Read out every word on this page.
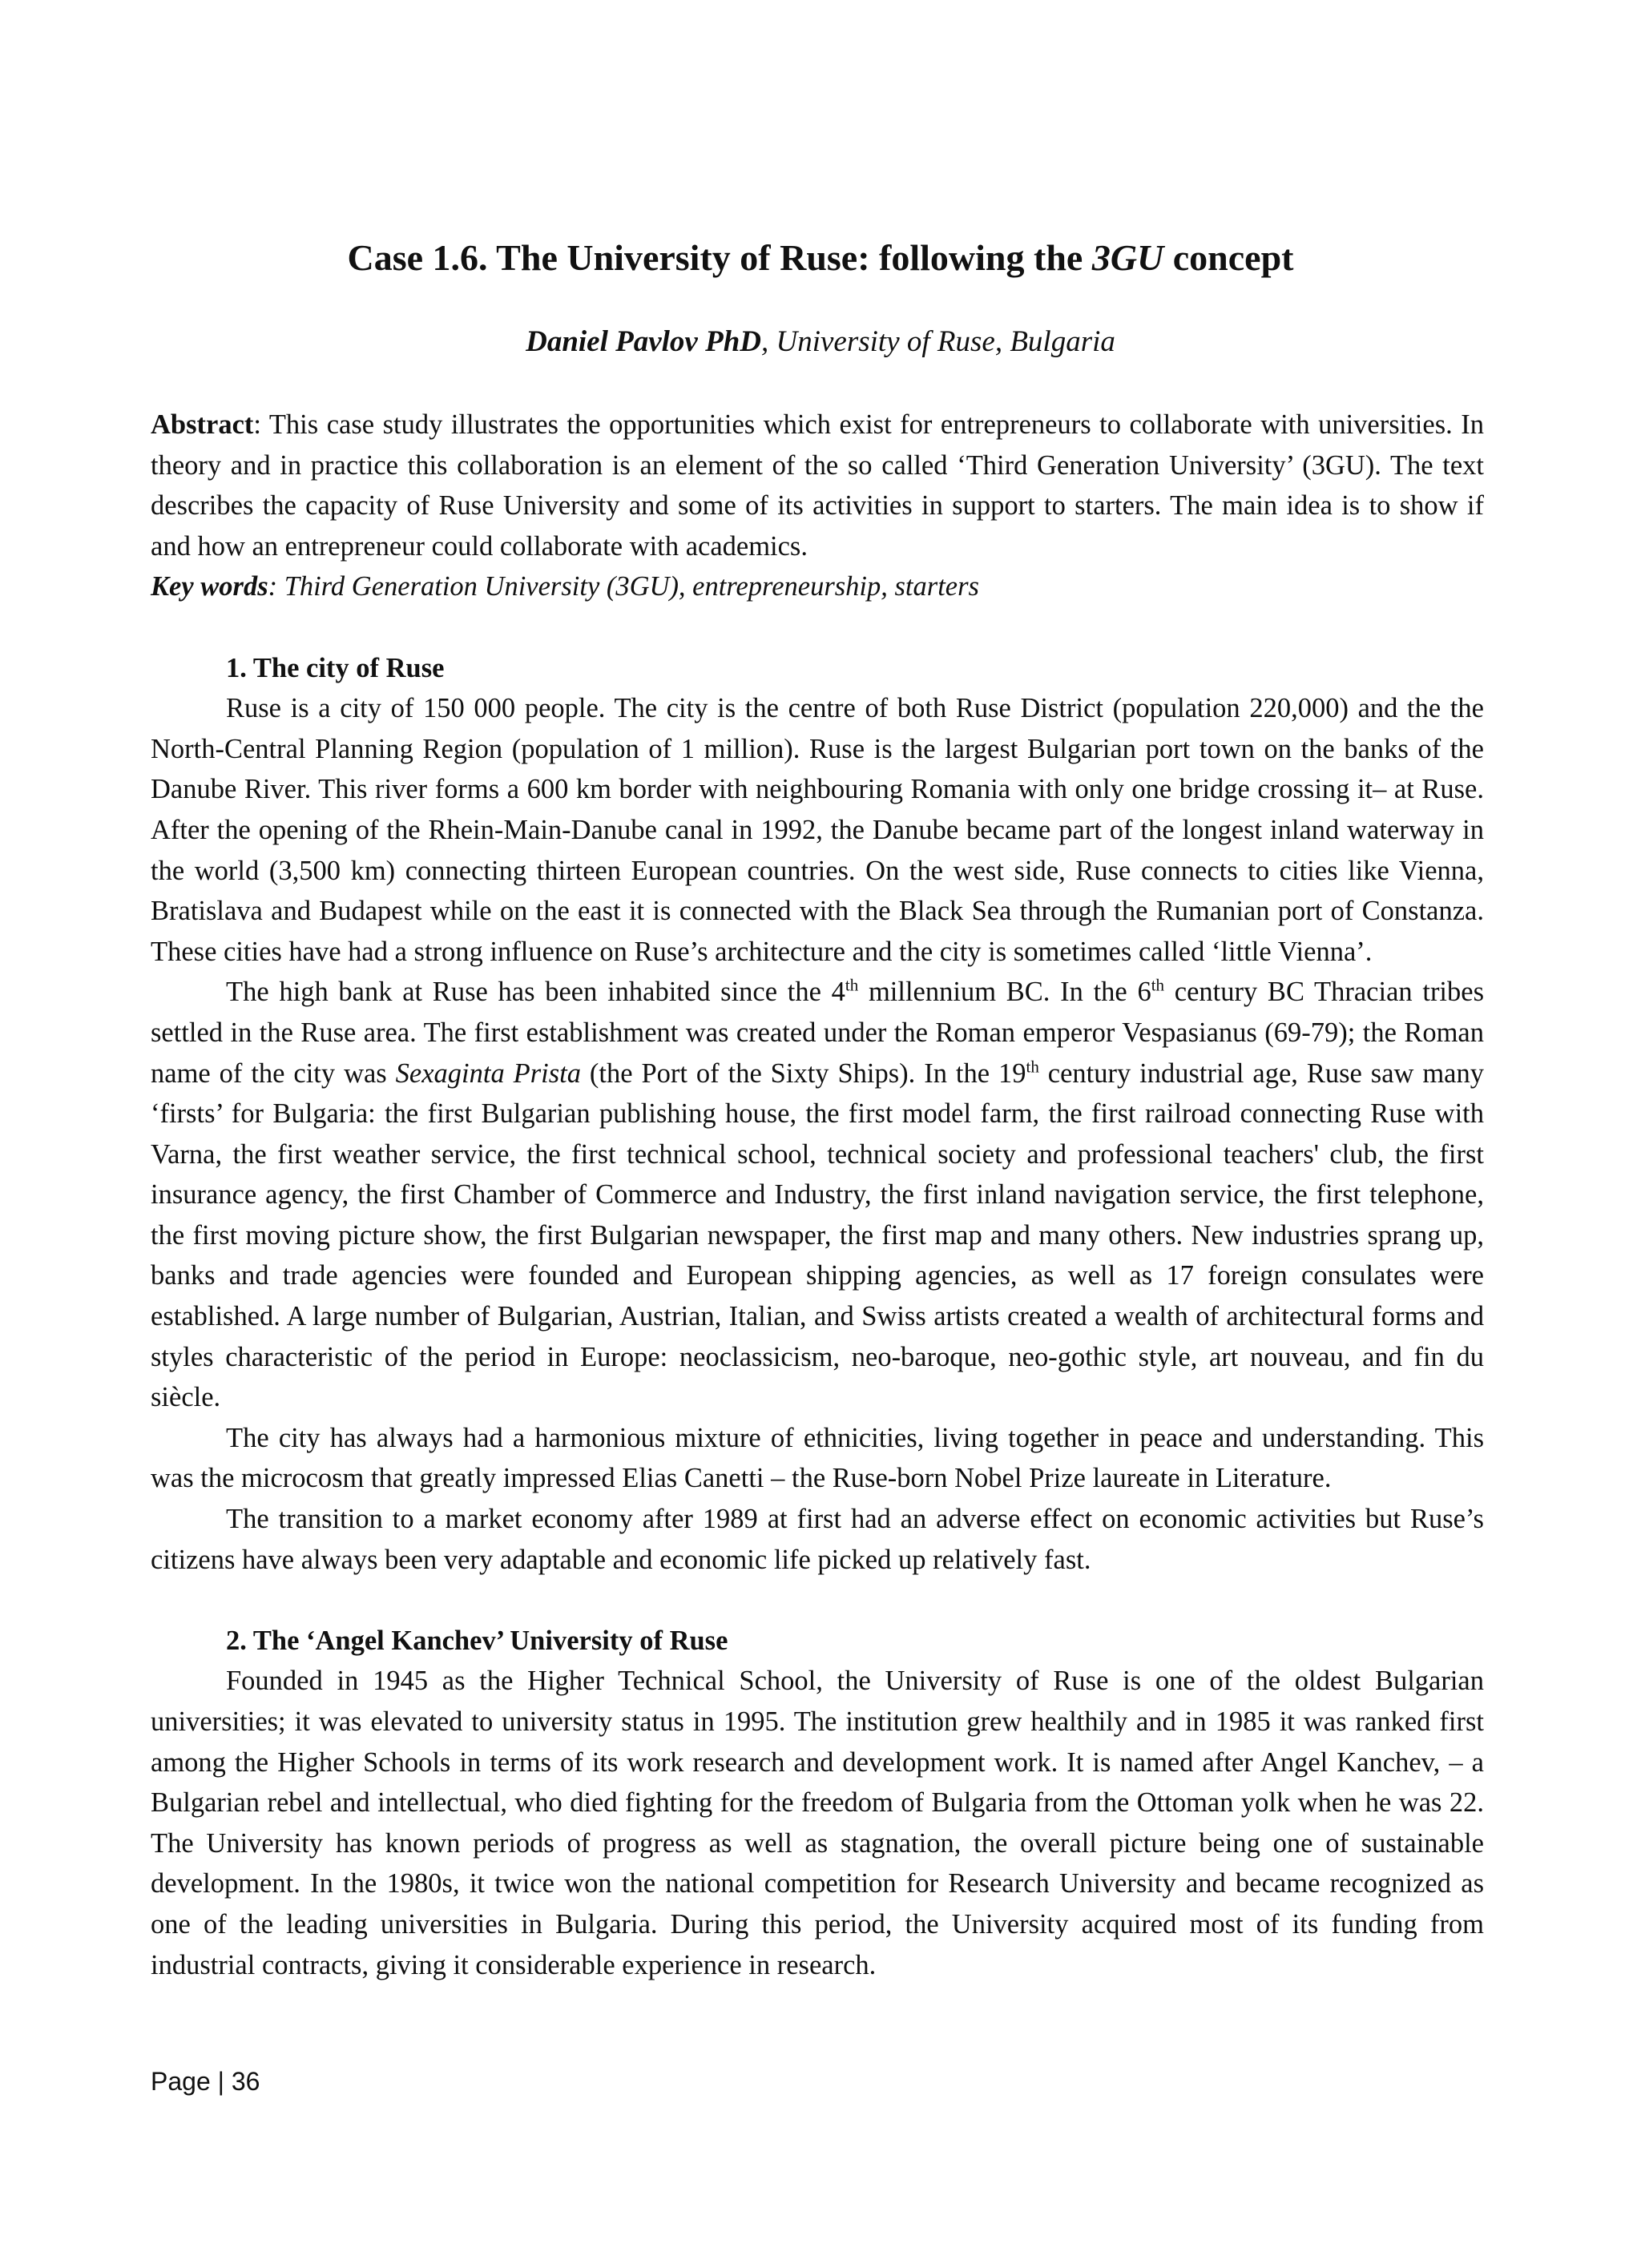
Case 1.6. The University of Ruse: following the 3GU concept
Daniel Pavlov PhD, University of Ruse, Bulgaria

Abstract: This case study illustrates the opportunities which exist for entrepreneurs to collaborate with universities. In theory and in practice this collaboration is an element of the so called ‘Third Generation University’ (3GU). The text describes the capacity of Ruse University and some of its activities in support to starters. The main idea is to show if and how an entrepreneur could collaborate with academics.

Key words: Third Generation University (3GU), entrepreneurship, starters

1. The city of Ruse

Ruse is a city of 150 000 people. The city is the centre of both Ruse District (population 220,000) and the the North-Central Planning Region (population of 1 million). Ruse is the largest Bulgarian port town on the banks of the Danube River. This river forms a 600 km border with neighbouring Romania with only one bridge crossing it– at Ruse. After the opening of the Rhein-Main-Danube canal in 1992, the Danube became part of the longest inland waterway in the world (3,500 km) connecting thirteen European countries. On the west side, Ruse connects to cities like Vienna, Bratislava and Budapest while on the east it is connected with the Black Sea through the Rumanian port of Constanza. These cities have had a strong influence on Ruse’s architecture and the city is sometimes called ‘little Vienna’.

The high bank at Ruse has been inhabited since the 4th millennium BC. In the 6th century BC Thracian tribes settled in the Ruse area. The first establishment was created under the Roman emperor Vespasianus (69-79); the Roman name of the city was Sexaginta Prista (the Port of the Sixty Ships). In the 19th century industrial age, Ruse saw many ‘firsts’ for Bulgaria: the first Bulgarian publishing house, the first model farm, the first railroad connecting Ruse with Varna, the first weather service, the first technical school, technical society and professional teachers' club, the first insurance agency, the first Chamber of Commerce and Industry, the first inland navigation service, the first telephone, the first moving picture show, the first Bulgarian newspaper, the first map and many others. New industries sprang up, banks and trade agencies were founded and European shipping agencies, as well as 17 foreign consulates were established. A large number of Bulgarian, Austrian, Italian, and Swiss artists created a wealth of architectural forms and styles characteristic of the period in Europe: neoclassicism, neo-baroque, neo-gothic style, art nouveau, and fin du siècle.

The city has always had a harmonious mixture of ethnicities, living together in peace and understanding. This was the microcosm that greatly impressed Elias Canetti – the Ruse-born Nobel Prize laureate in Literature.

The transition to a market economy after 1989 at first had an adverse effect on economic activities but Ruse’s citizens have always been very adaptable and economic life picked up relatively fast.

2. The ‘Angel Kanchev’ University of Ruse

Founded in 1945 as the Higher Technical School, the University of Ruse is one of the oldest Bulgarian universities; it was elevated to university status in 1995. The institution grew healthily and in 1985 it was ranked first among the Higher Schools in terms of its work research and development work. It is named after Angel Kanchev, – a Bulgarian rebel and intellectual, who died fighting for the freedom of Bulgaria from the Ottoman yolk when he was 22. The University has known periods of progress as well as stagnation, the overall picture being one of sustainable development. In the 1980s, it twice won the national competition for Research University and became recognized as one of the leading universities in Bulgaria. During this period, the University acquired most of its funding from industrial contracts, giving it considerable experience in research.

Page | 36
